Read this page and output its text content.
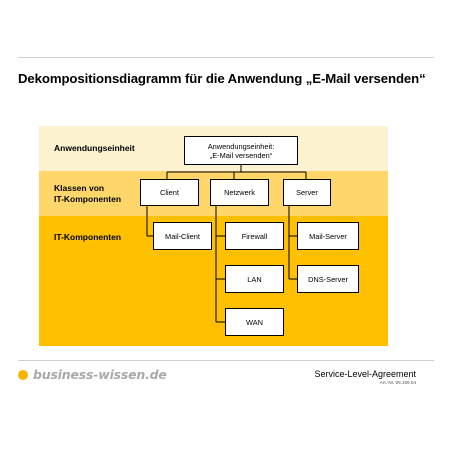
Dekompositionsdiagramm für die Anwendung „E-Mail versenden“
Anwendungseinheit
Klassen von
IT-Komponenten
IT-Komponenten
Anwendungseinheit:
„E-Mail versenden“
Client	Netzwerk	Server
Mail-Client	Firewall
LAN
WAN
Mail-Server
DNS-Server
business-wissen.de	Service-Level-Agreement
Art.-Nr. 99.169.04
